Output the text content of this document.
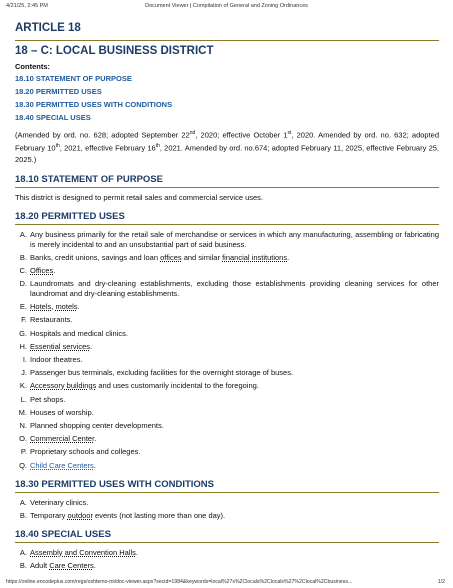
4/21/25, 2:45 PM	Document Viewer | Compilation of General and Zoning Ordinances
ARTICLE 18
18 – C: LOCAL BUSINESS DISTRICT
Contents:
18.10 STATEMENT OF PURPOSE
18.20 PERMITTED USES
18.30 PERMITTED USES WITH CONDITIONS
18.40 SPECIAL USES
(Amended by ord. no. 628; adopted September 22nd, 2020; effective October 1st, 2020. Amended by ord. no. 632; adopted February 10th, 2021, effective February 16th, 2021. Amended by ord. no.674; adopted February 11, 2025, effective February 25, 2025.)
18.10 STATEMENT OF PURPOSE
This district is designed to permit retail sales and commercial service uses.
18.20 PERMITTED USES
A. Any business primarily for the retail sale of merchandise or services in which any manufacturing, assembling or fabricating is merely incidental to and an unsubstantial part of said business.
B. Banks, credit unions, savings and loan offices and similar financial institutions.
C. Offices.
D. Laundromats and dry-cleaning establishments, excluding those establishments providing cleaning services for other laundromat and dry-cleaning establishments.
E. Hotels, motels.
F. Restaurants.
G. Hospitals and medical clinics.
H. Essential services.
I. Indoor theatres.
J. Passenger bus terminals, excluding facilities for the overnight storage of buses.
K. Accessory buildings and uses customarily incidental to the foregoing.
L. Pet shops.
M. Houses of worship.
N. Planned shopping center developments.
O. Commercial Center.
P. Proprietary schools and colleges.
Q. Child Care Centers.
18.30 PERMITTED USES WITH CONDITIONS
A. Veterinary clinics.
B. Temporary outdoor events (not lasting more than one day).
18.40 SPECIAL USES
A. Assembly and Convention Halls.
B. Adult Care Centers.
https://online.encodeplus.com/regs/oshtemo-mi/doc-viewer.aspx?secid=1984&keywords=local%27s%2Clocals%2Clocals%27%2Clocal%2Cbusiness...	1/2
